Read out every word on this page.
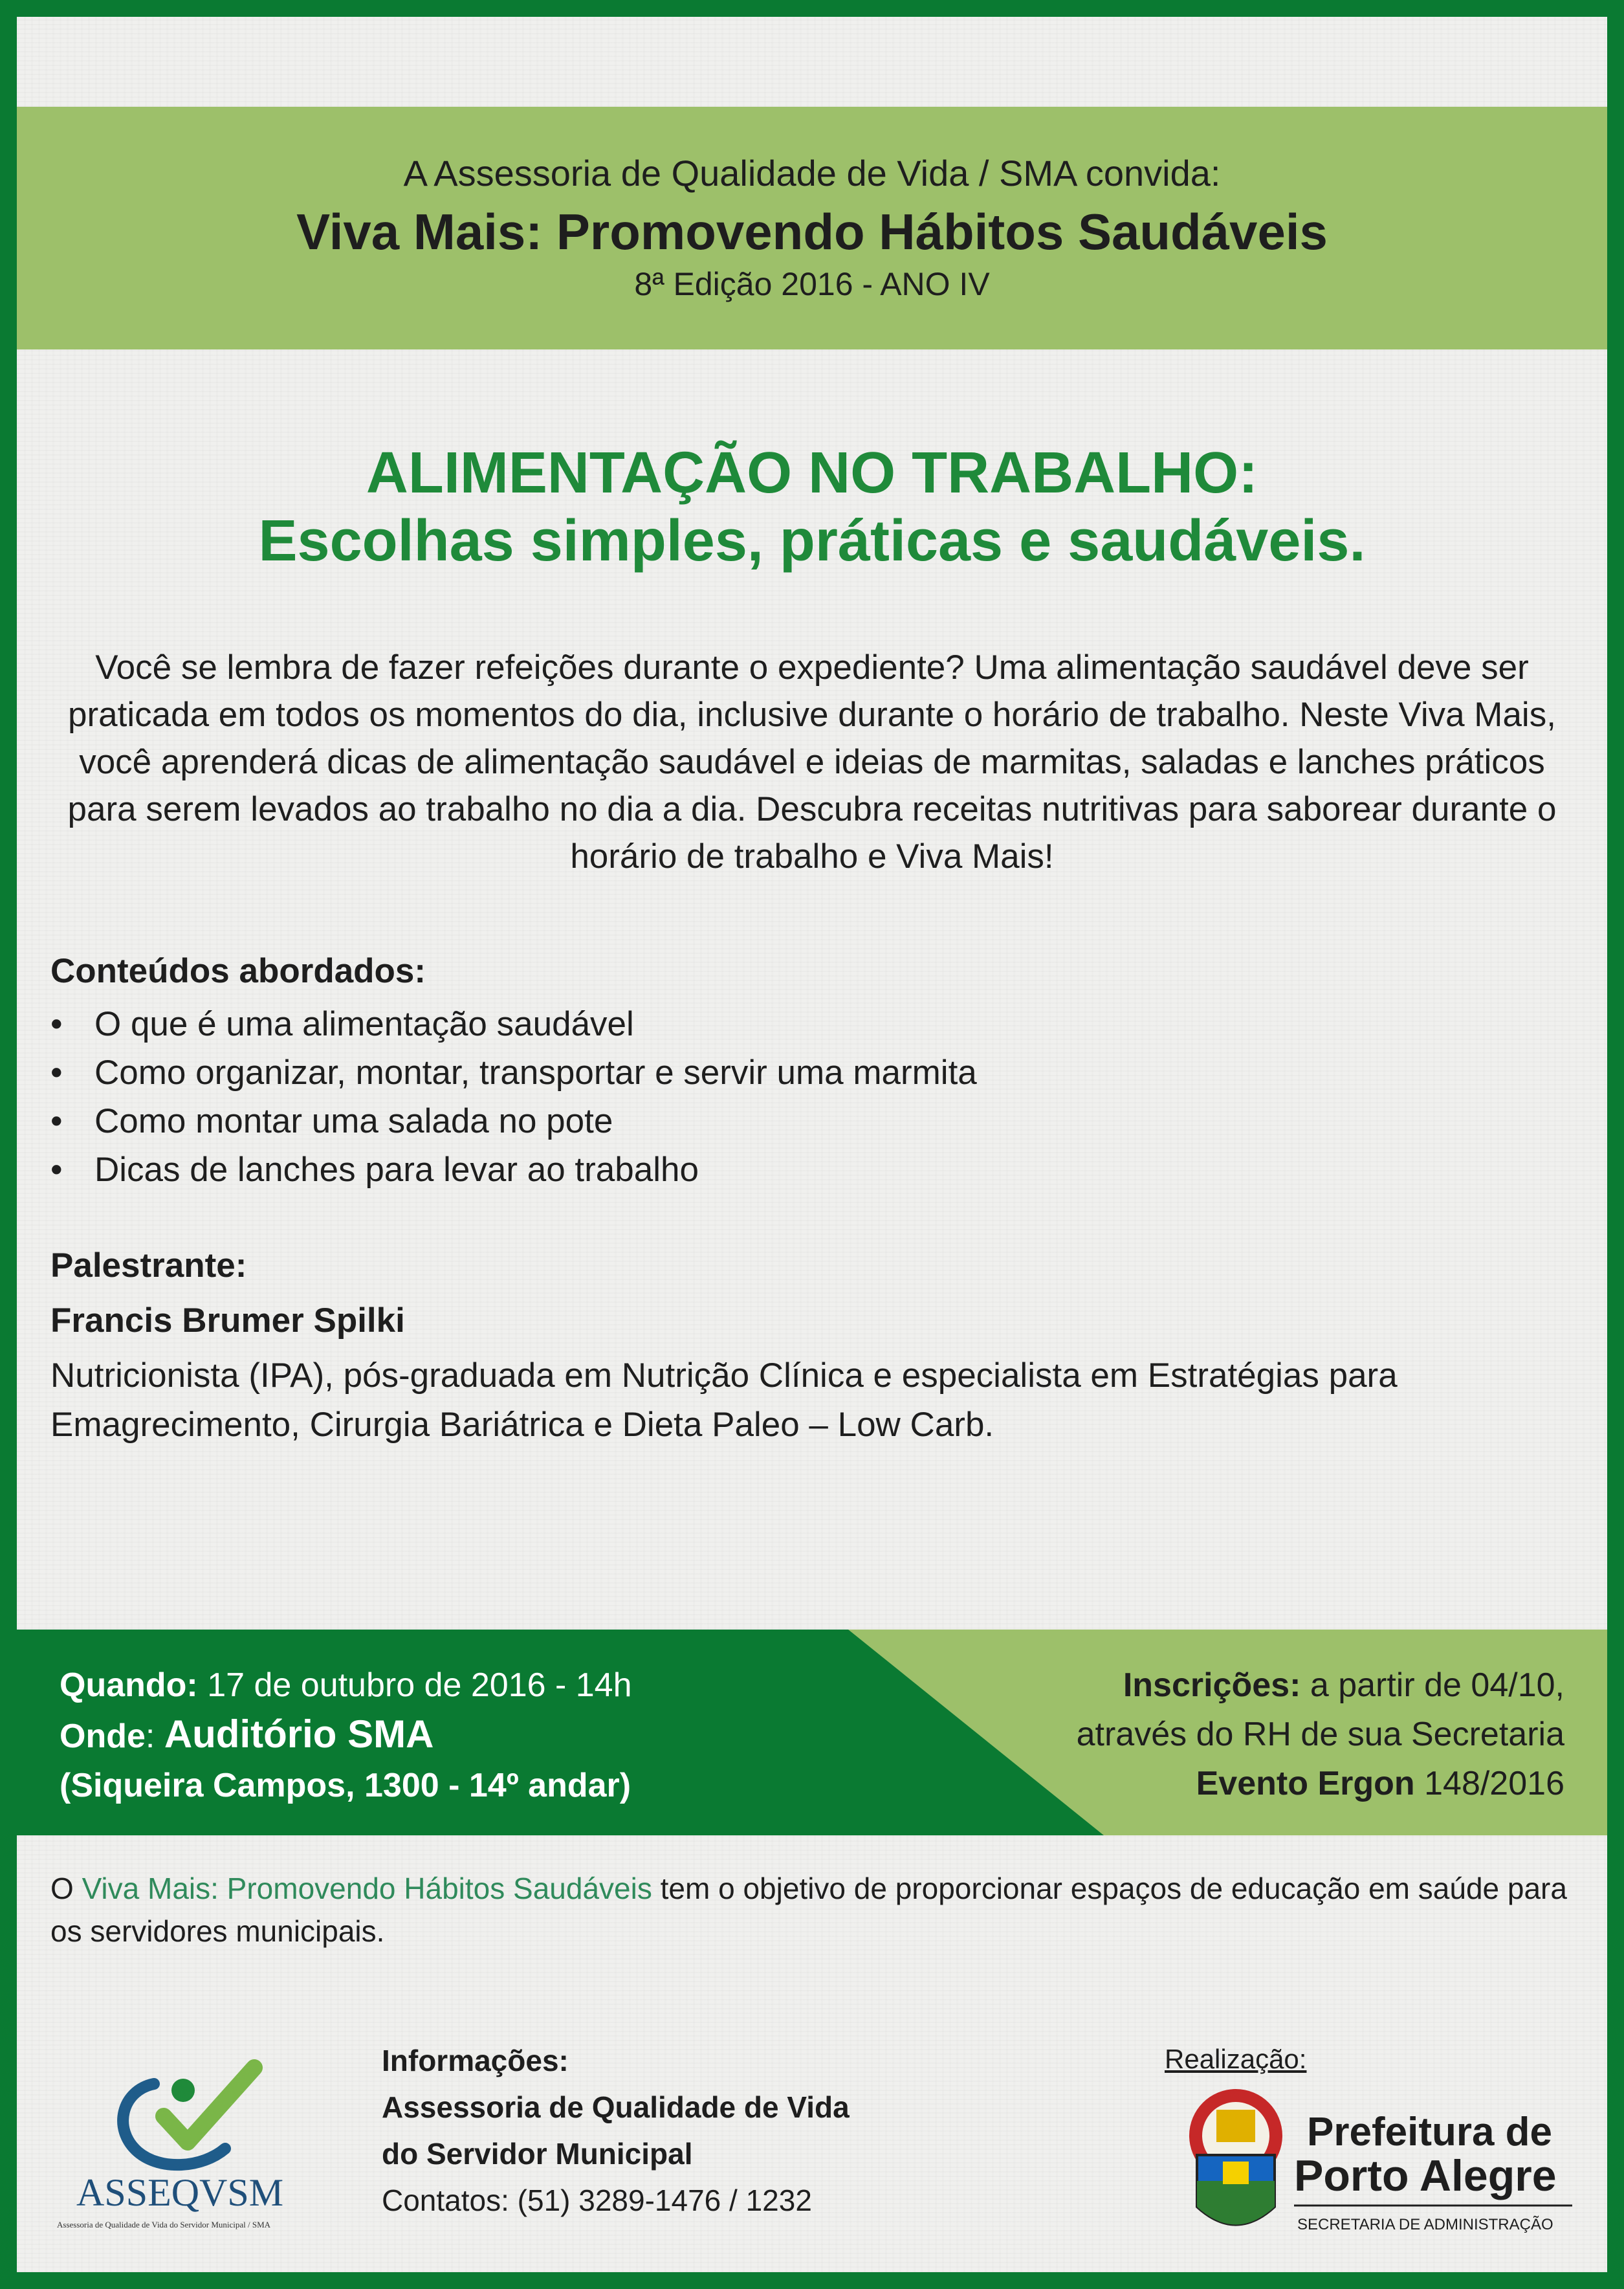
A Assessoria de Qualidade de Vida / SMA convida:
Viva Mais: Promovendo Hábitos Saudáveis
8ª Edição 2016 - ANO IV
ALIMENTAÇÃO NO TRABALHO:
Escolhas simples, práticas e saudáveis.
Você se lembra de fazer refeições durante o expediente? Uma alimentação saudável deve ser praticada em todos os momentos do dia, inclusive durante o horário de trabalho. Neste Viva Mais, você aprenderá dicas de alimentação saudável e ideias de marmitas, saladas e lanches práticos para serem levados ao trabalho no dia a dia. Descubra receitas nutritivas para saborear durante o horário de trabalho e Viva Mais!
Conteúdos abordados:
• O que é uma alimentação saudável
• Como organizar, montar, transportar e servir uma marmita
• Como montar uma salada no pote
• Dicas de lanches para levar ao trabalho
Palestrante:
Francis Brumer Spilki
Nutricionista (IPA), pós-graduada em Nutrição Clínica e especialista em Estratégias para Emagrecimento, Cirurgia Bariátrica e Dieta Paleo – Low Carb.
Quando: 17 de outubro de 2016 - 14h
Onde: Auditório SMA
(Siqueira Campos, 1300 - 14º andar)
Inscrições: a partir de 04/10,
através do RH de sua Secretaria
Evento Ergon 148/2016
O Viva Mais: Promovendo Hábitos Saudáveis tem o objetivo de proporcionar espaços de educação em saúde para os servidores municipais.
ASSEQVSM
Assessoria de Qualidade de Vida do Servidor Municipal / SMA
Informações:
Assessoria de Qualidade de Vida
do Servidor Municipal
Contatos: (51) 3289-1476 / 1232
Realização:
Prefeitura de
Porto Alegre
SECRETARIA DE ADMINISTRAÇÃO
